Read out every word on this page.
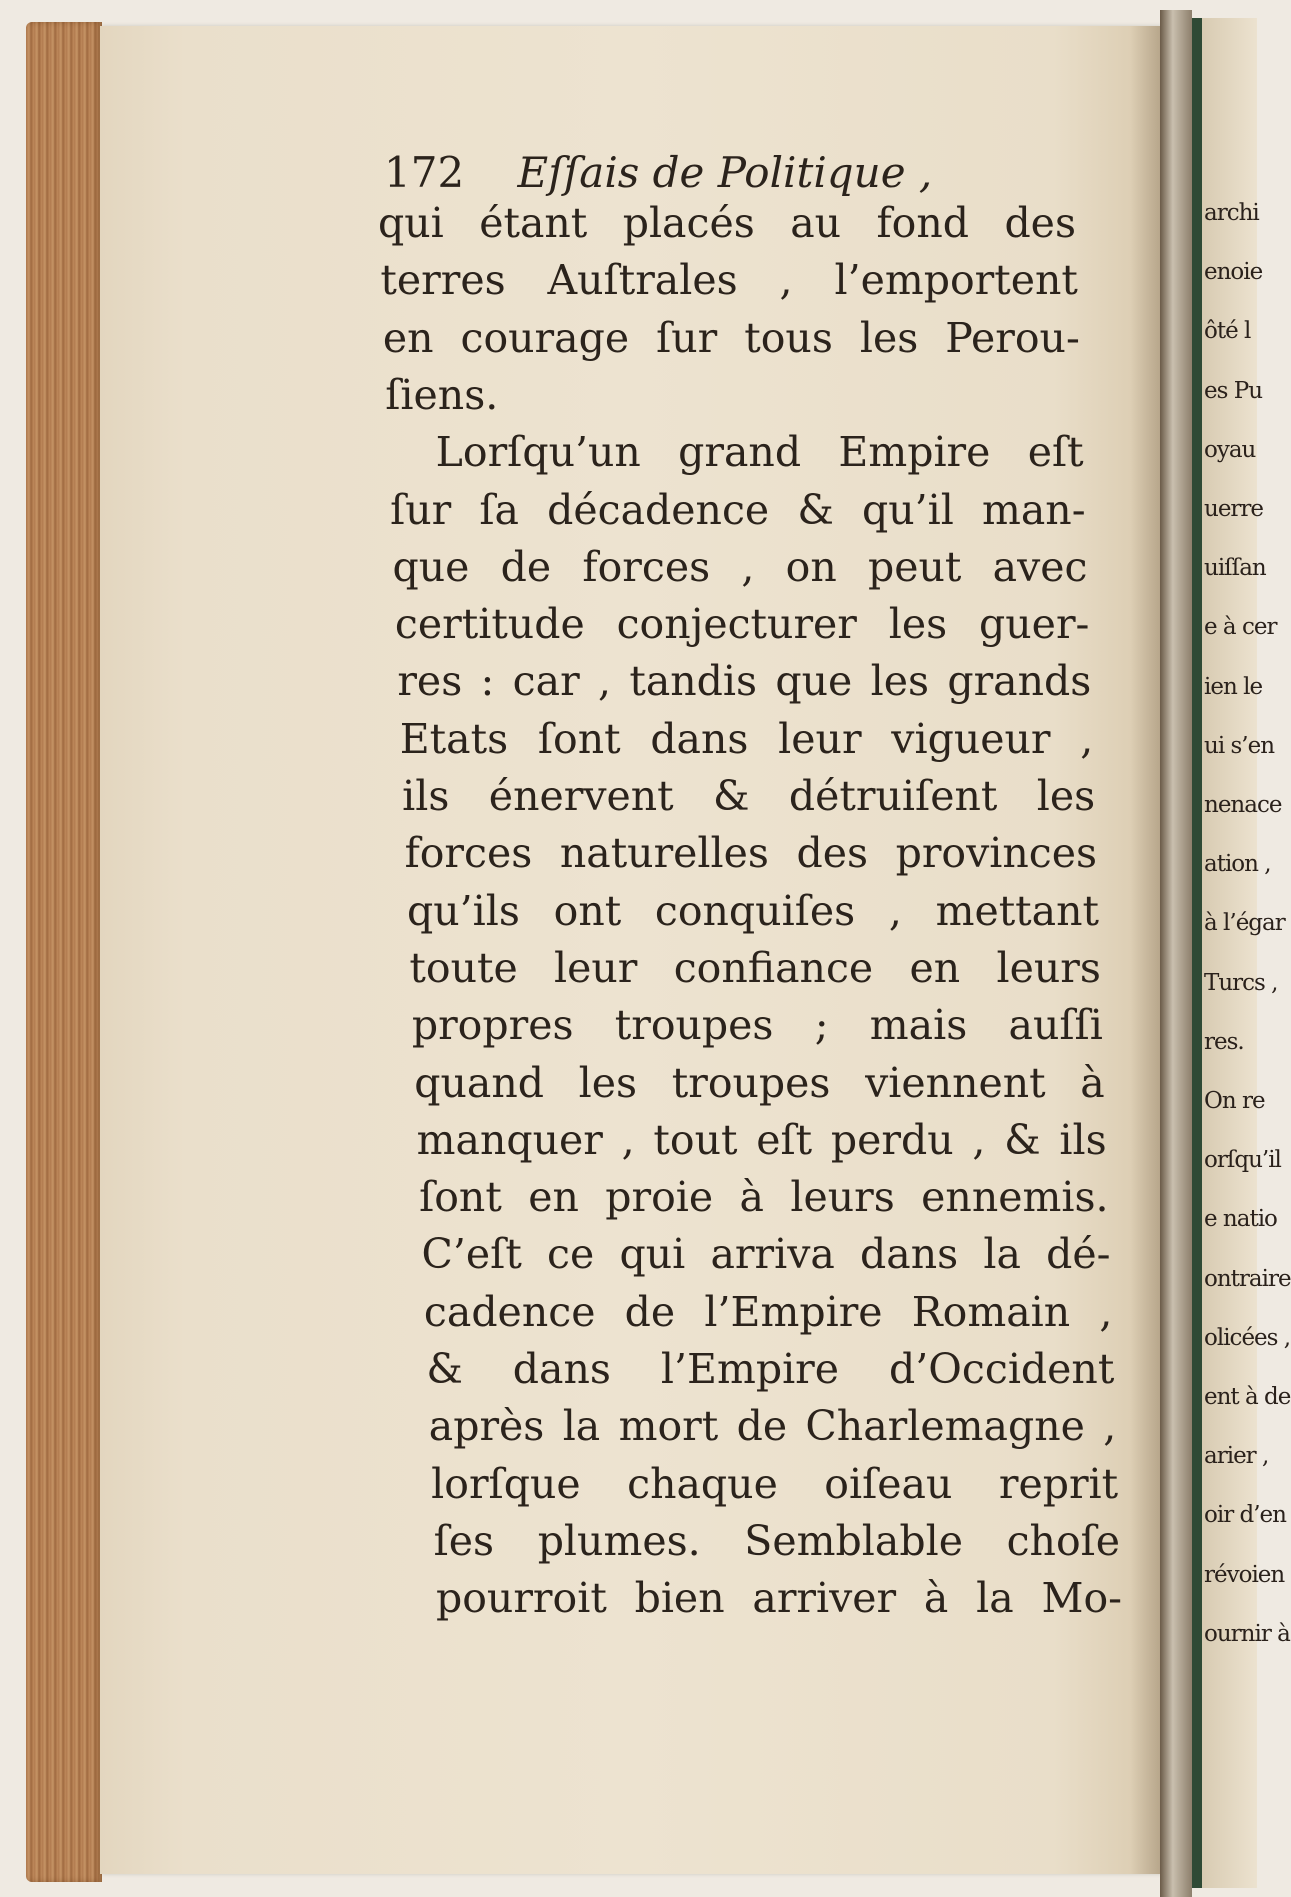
archi
enoie
ôté l
es Pu
oyau
uerre
uiſſan
e à cer
ien le
ui s’en
nenace
ation ,
à l’égar
Turcs ,
res.
On re
orſqu’il
e natio
ontraire
olicées ,
ent à de
arier ,
oir d’en
révoien
ournir à
172 Eſſais de Politique ,
qui étant placés au fond des
terres Auſtrales , l’emportent
en courage ſur tous les Perou-
ſiens.
Lorſqu’un grand Empire eſt
ſur ſa décadence & qu’il man-
que de forces , on peut avec
certitude conjecturer les guer-
res : car , tandis que les grands
Etats ſont dans leur vigueur ,
ils énervent & détruiſent les
forces naturelles des provinces
qu’ils ont conquiſes , mettant
toute leur confiance en leurs
propres troupes ; mais auſſi
quand les troupes viennent à
manquer , tout eſt perdu , & ils
ſont en proie à leurs ennemis.
C’eſt ce qui arriva dans la dé-
cadence de l’Empire Romain ,
& dans l’Empire d’Occident
après la mort de Charlemagne ,
lorſque chaque oiſeau reprit
ſes plumes. Semblable choſe
pourroit bien arriver à la Mo-
